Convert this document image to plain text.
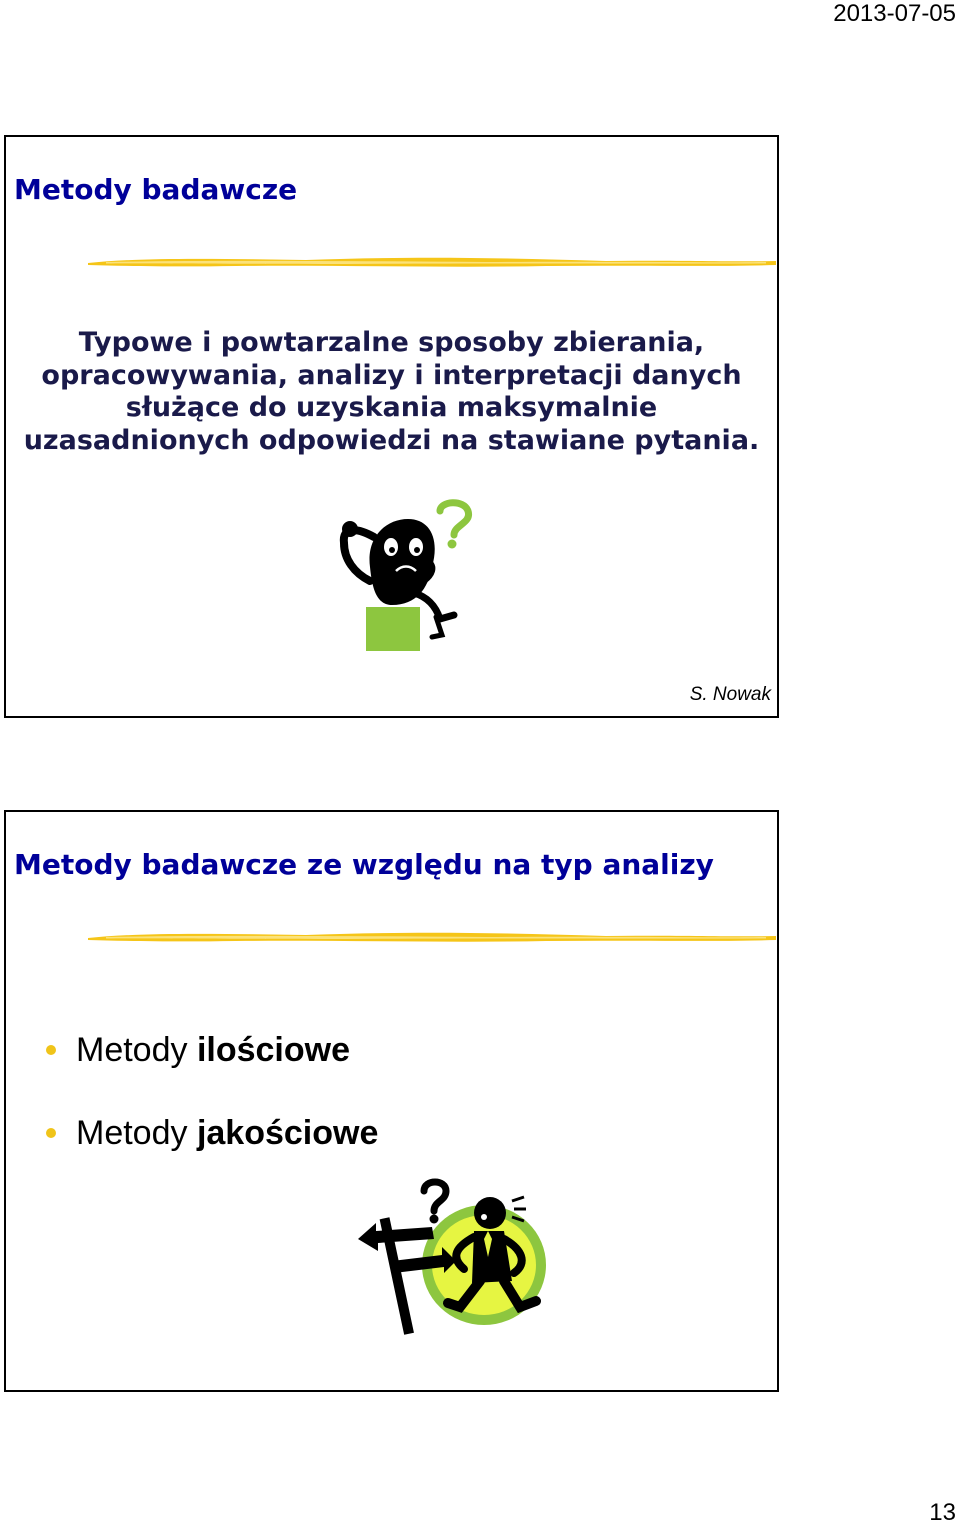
2013-07-05
Metody badawcze

Typowe i powtarzalne sposoby zbierania,
opracowywania, analizy i interpretacji danych
służące do uzyskania maksymalnie
uzasadnionych odpowiedzi na stawiane pytania.

S. Nowak
Metody badawcze ze względu na typ analizy
Metody ilościowe
Metody jakościowe
13
